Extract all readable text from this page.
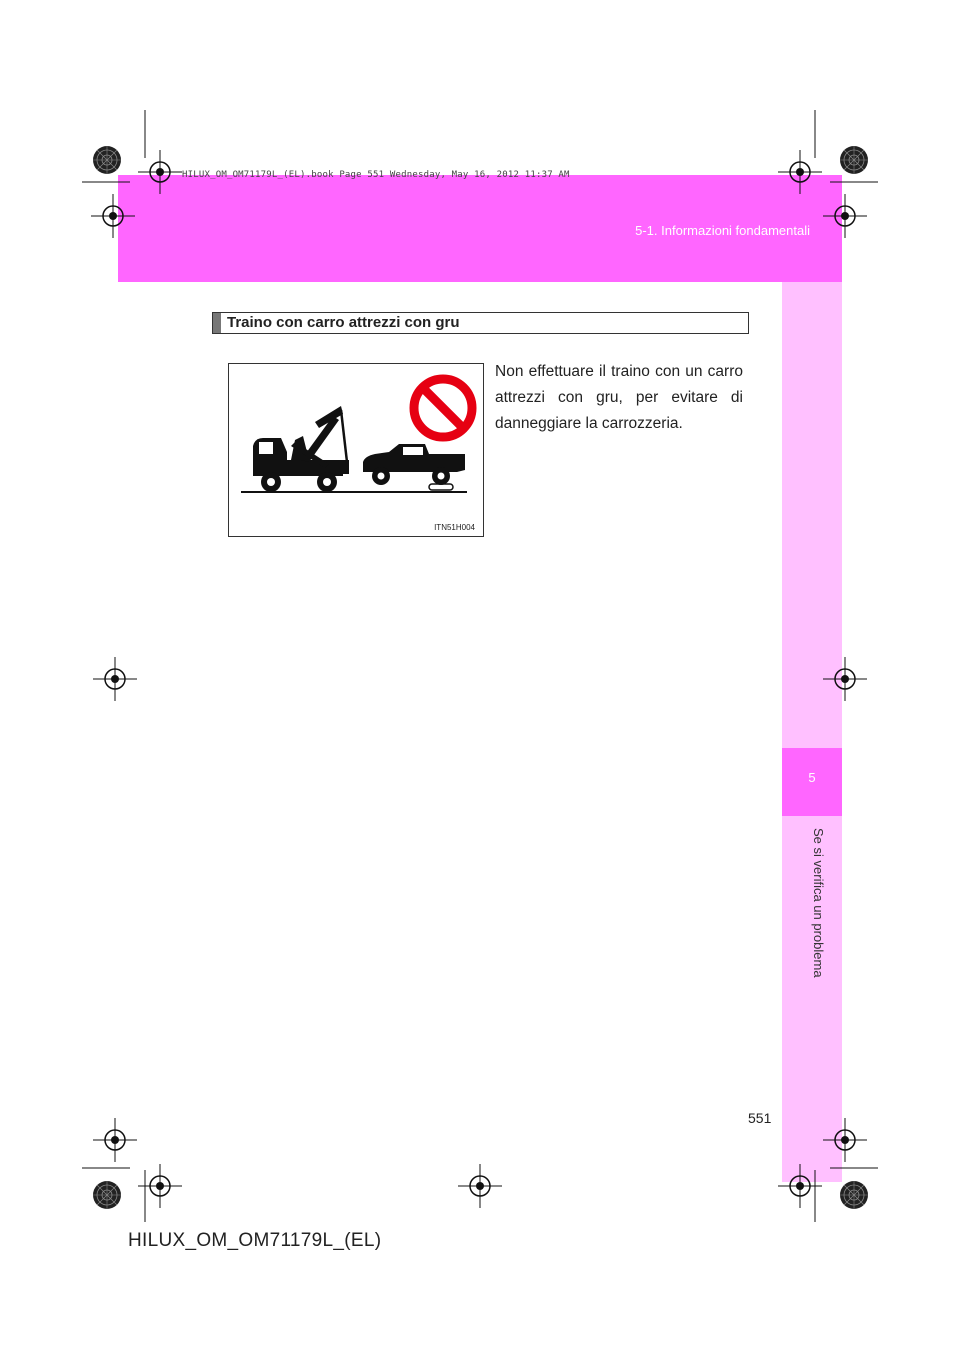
HILUX_OM_OM71179L_(EL).book Page 551 Wednesday, May 16, 2012 11:37 AM
5-1. Informazioni fondamentali
5
Se si verifica un problema
Traino con carro attrezzi con gru
ITN51H004
Non effettuare il traino con un carro attrezzi con gru, per evitare di danneggiare la carrozzeria.
551
HILUX_OM_OM71179L_(EL)
